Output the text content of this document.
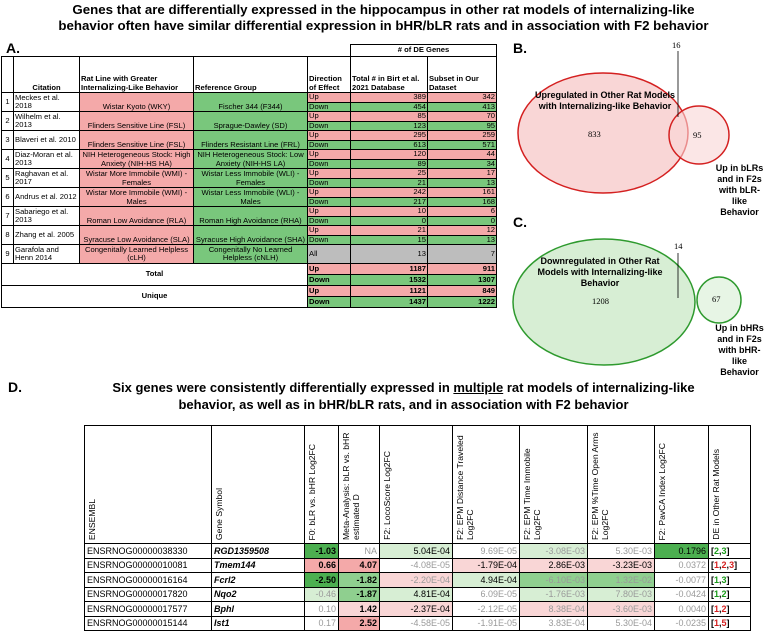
Genes that are differentially expressed in the hippocampus in other rat models of internalizing-like
behavior often have similar differential expression in bHR/bLR rats and in association with F2 behavior
A.
					# of DE Genes	
	Citation	Rat Line with Greater Internalizing-Like Behavior	Reference Group	Direction of Effect	Total # in Birt et al. 2021 Database	Subset in Our Dataset
1	Meckes et al. 2018	Wistar Kyoto (WKY)	Fischer 344 (F344)	Up	389	342
				Down	454	413
2	Wilhelm et al. 2013	Flinders Sensitive Line (FSL)	Sprague-Dawley (SD)	Up	85	70
				Down	123	95
3	Blaveri et al. 2010	Flinders Sensitive Line (FSL)	Flinders Resistant Line (FRL)	Up	295	259
				Down	613	571
4	Diaz-Moran et al. 2013	NIH Heterogeneous Stock: High Anxiety (NIH-HS HA)	NIH Heterogeneous Stock: Low Anxiety (NIH-HS LA)	Up	120	44
				Down	89	34
5	Raghavan et al. 2017	Wistar More Immobile (WMI) - Females	Wistar Less Immobile (WLI) - Females	Up	25	17
				Down	21	13
6	Andrus et al. 2012	Wistar More Immobile (WMI) - Males	Wistar Less Immobile (WLI) - Males	Up	242	161
				Down	217	168
7	Sabariego et al. 2013	Roman Low Avoidance (RLA)	Roman High Avoidance (RHA)	Up	10	6
				Down	0	0
8	Zhang et al. 2005	Syracuse Low Avoidance (SLA)	Syracuse High Avoidance (SHA)	Up	21	12
				Down	15	13
9	Garafola and Henn 2014	Congenitally Learned Helpless (cLH)	Congenitally No Learned Helpless (cNLH)	All	13	7
Total				Up	1187	911
				Down	1532	1307
Unique				Up	1121	849
				Down	1437	1222
B.	16
Upregulated in Other Rat Models with Internalizing-like Behavior
833	95
Up in bLRs and in F2s with bLR-like Behavior
C.
14
Downregulated in Other Rat Models with Internalizing-like Behavior
1208	67
Up in bHRs and in F2s with bHR-like Behavior
D.	Six genes were consistently differentially expressed in multiple rat models of internalizing-like
behavior, as well as in bHR/bLR rats, and in association with F2 behavior
ENSEMBL	Gene Symbol	F0: bLR vs. bHR Log2FC	Meta-Analysis: bLR vs. bHR estimated D	F2: LocoScore Log2FC	F2: EPM Distance Traveled Log2FC	F2: EPM Time Immobile Log2FC	F2: EPM %Time Open Arms Log2FC	F2: PavCA Index Log2FC	DE in Other Rat Models

ENSRNOG00000038330	RGD1359508	-1.03	NA	5.04E-04	9.69E-05	-3.08E-03	5.30E-03	0.1796	[2,3]
ENSRNOG00000010081	Tmem144	0.66	4.07	-4.08E-05	-1.79E-04	2.86E-03	-3.23E-03	0.0372	[1,2,3]
ENSRNOG00000016164	Fcrl2	-2.50	-1.82	-2.20E-04	4.94E-04	-6.10E-03	1.32E-02	-0.0077	[1,3]
ENSRNOG00000017820	Nqo2	-0.46	-1.87	4.81E-04	6.09E-05	-1.76E-03	7.80E-03	-0.0424	[1,2]
ENSRNOG00000017577	Bphl	0.10	1.42	-2.37E-04	-2.12E-05	8.38E-04	-3.60E-03	0.0040	[1,2]
ENSRNOG00000015144	Ist1	0.17	2.52	-4.58E-05	-1.91E-05	3.83E-04	5.30E-04	-0.0235	[1,5]
